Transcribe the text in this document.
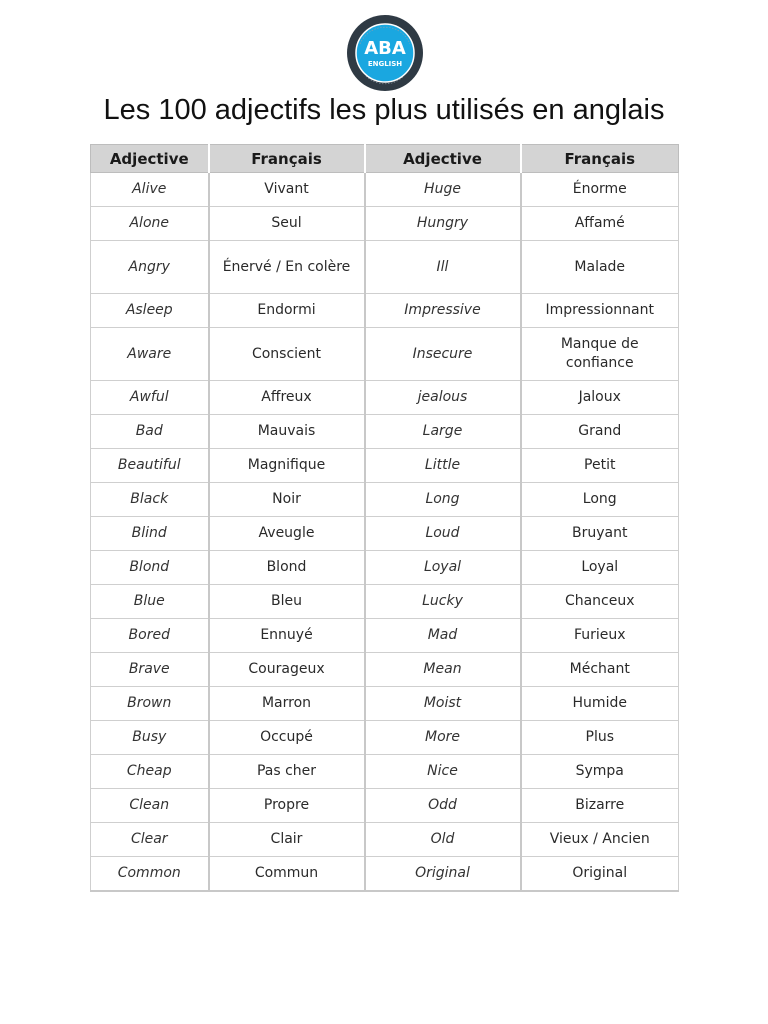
ABA
ENGLISH
Les 100 adjectifs les plus utilisés en anglais
Adjective	Français	Adjective	Français
Alive	Vivant	Huge	Énorme
Alone	Seul	Hungry	Affamé
Angry	Énervé / En colère	Ill	Malade
Asleep	Endormi	Impressive	Impressionnant
Aware	Conscient	Insecure	Manque de confiance
Awful	Affreux	jealous	Jaloux
Bad	Mauvais	Large	Grand
Beautiful	Magnifique	Little	Petit
Black	Noir	Long	Long
Blind	Aveugle	Loud	Bruyant
Blond	Blond	Loyal	Loyal
Blue	Bleu	Lucky	Chanceux
Bored	Ennuyé	Mad	Furieux
Brave	Courageux	Mean	Méchant
Brown	Marron	Moist	Humide
Busy	Occupé	More	Plus
Cheap	Pas cher	Nice	Sympa
Clean	Propre	Odd	Bizarre
Clear	Clair	Old	Vieux / Ancien
Common	Commun	Original	Original
